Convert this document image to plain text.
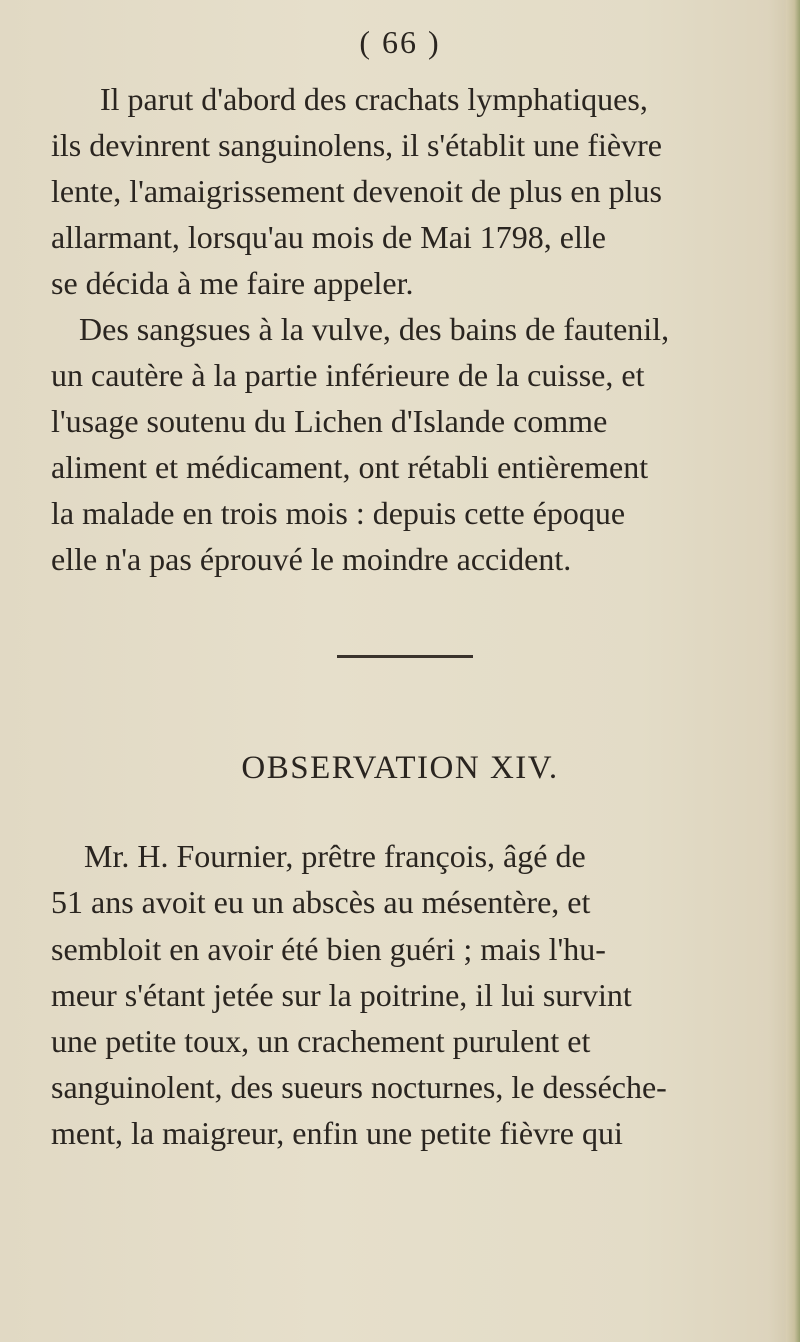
( 66 )
Il parut d'abord des crachats lymphatiques,
ils devinrent sanguinolens, il s'établit une fièvre
lente, l'amaigrissement devenoit de plus en plus
allarmant, lorsqu'au mois de Mai 1798, elle
se décida à me faire appeler.
Des sangsues à la vulve, des bains de fautenil,
un cautère à la partie inférieure de la cuisse, et
l'usage soutenu du Lichen d'Islande comme
aliment et médicament, ont rétabli entièrement
la malade en trois mois : depuis cette époque
elle n'a pas éprouvé le moindre accident.
OBSERVATION XIV.
Mr. H. Fournier, prêtre françois, âgé de
51 ans avoit eu un abscès au mésentère, et
sembloit en avoir été bien guéri ; mais l'hu-
meur s'étant jetée sur la poitrine, il lui survint
une petite toux, un crachement purulent et
sanguinolent, des sueurs nocturnes, le desséche-
ment, la maigreur, enfin une petite fièvre qui
